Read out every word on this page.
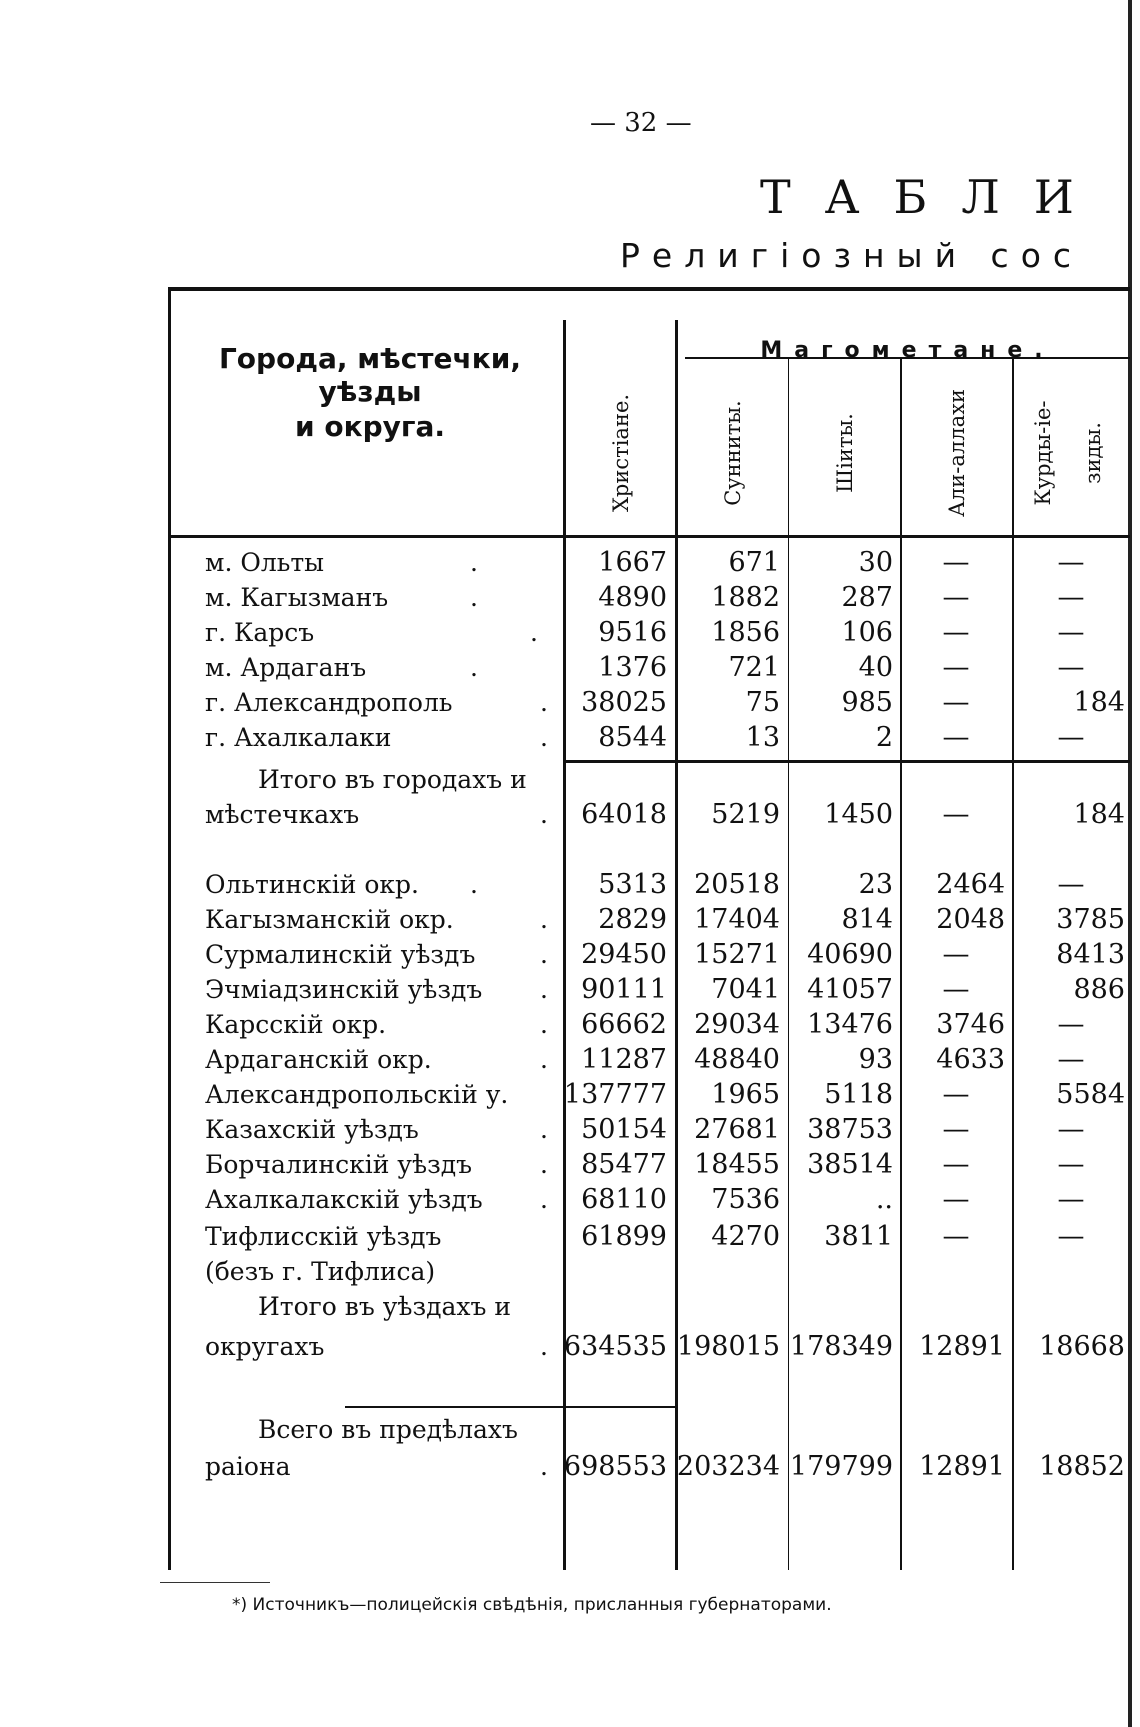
— 32 —
ТАБЛИ
Религiозный сос
Города, мѣстечки, уѣзды
и округа.
Магометане.
Христiане.	Сунниты.	Шiиты.	Али-аллахи	Курды-iе- зиды.
м. Ольты	.	1667	671	30	—	—
м. Кагызманъ	.	4890	1882	287	—	—
г. Карсъ	.	9516	1856	106	—	—
м. Ардаганъ	.	1376	721	40	—	—
г. Александрополь	.	38025	75	985	—	184
г. Ахалкалаки	.	8544	13	2	—	—
Итого въ городахъ и
мѣстечкахъ	.	64018	5219	1450	—	184
Ольтинскiй окр. .	5313	20518	23	2464	—
Кагызманскiй окр.	.	2829	17404	814	2048	3785
Сурмалинскiй уѣздъ	.	29450	15271	40690	—	8413
Эчмiадзинскiй уѣздъ .	90111	7041	41057	—	886
Карсскiй окр.	.	66662	29034	13476	3746	—
Ардаганскiй окр.	.	11287	48840	93	4633	—
Александропольскiй у. 137777	1965	5118	—	5584
Казахскiй уѣздъ	.	50154	27681	38753	—	—
Борчалинскiй уѣздъ	.	85477	18455	38514	—	—
Ахалкалакскiй уѣздъ .	68110	7536	..	—	—
Тифлисскiй уѣздъ	61899	4270	3811	—	—
(безъ г. Тифлиса)
Итого въ уѣздахъ и
округахъ	. 634535 198015 178349 12891	18668
Всего въ предѣлахъ
раiона	. 698553 203234 179799 12891	18852
*) Источникъ—полицейскiя свѣдѣнiя, присланныя губернаторами.
